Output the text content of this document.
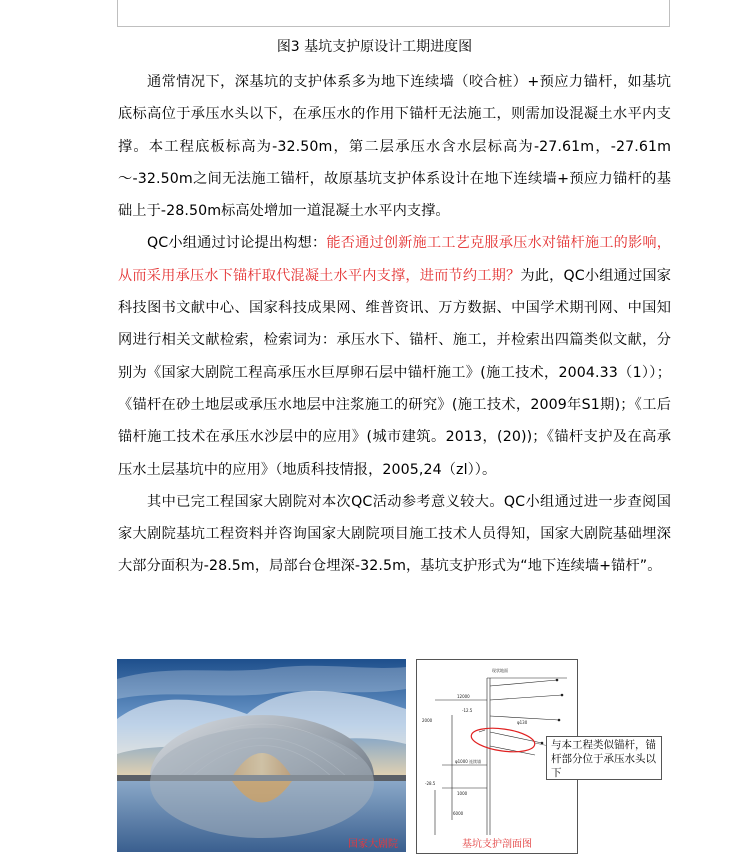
图3 基坑支护原设计工期进度图

通常情况下，深基坑的支护体系多为地下连续墙（咬合桩）+预应力锚杆，如基坑底标高位于承压水头以下，在承压水的作用下锚杆无法施工，则需加设混凝土水平内支撑。本工程底板标高为-32.50m，第二层承压水含水层标高为-27.61m，-27.61m～-32.50m之间无法施工锚杆，故原基坑支护体系设计在地下连续墙+预应力锚杆的基础上于-28.50m标高处增加一道混凝土水平内支撑。

QC小组通过讨论提出构想：能否通过创新施工工艺克服承压水对锚杆施工的影响，从而采用承压水下锚杆取代混凝土水平内支撑，进而节约工期？为此，QC小组通过国家科技图书文献中心、国家科技成果网、维普资讯、万方数据、中国学术期刊网、中国知网进行相关文献检索，检索词为：承压水下、锚杆、施工，并检索出四篇类似文献，分别为《国家大剧院工程高承压水巨厚卵石层中锚杆施工》(施工技术，2004.33（1））；《锚杆在砂土地层或承压水地层中注浆施工的研究》(施工技术，2009年S1期)；《工后锚杆施工技术在承压水沙层中的应用》(城市建筑。2013，(20))；《锚杆支护及在高承压水土层基坑中的应用》（地质科技情报，2005,24（zl））。

其中已完工程国家大剧院对本次QC活动参考意义较大。QC小组通过进一步查阅国家大剧院基坑工程资料并咨询国家大剧院项目施工技术人员得知，国家大剧院基础埋深大部分面积为-28.5m，局部台仓埋深-32.5m，基坑支护形式为“地下连续墙+锚杆”。

国家大剧院
现状地面
12000
-12.5
-28.5
2000
6000
φ1000 连续墙
φ130
1000
基坑支护剖面图
与本工程类似锚杆，锚杆部分位于承压水头以下
